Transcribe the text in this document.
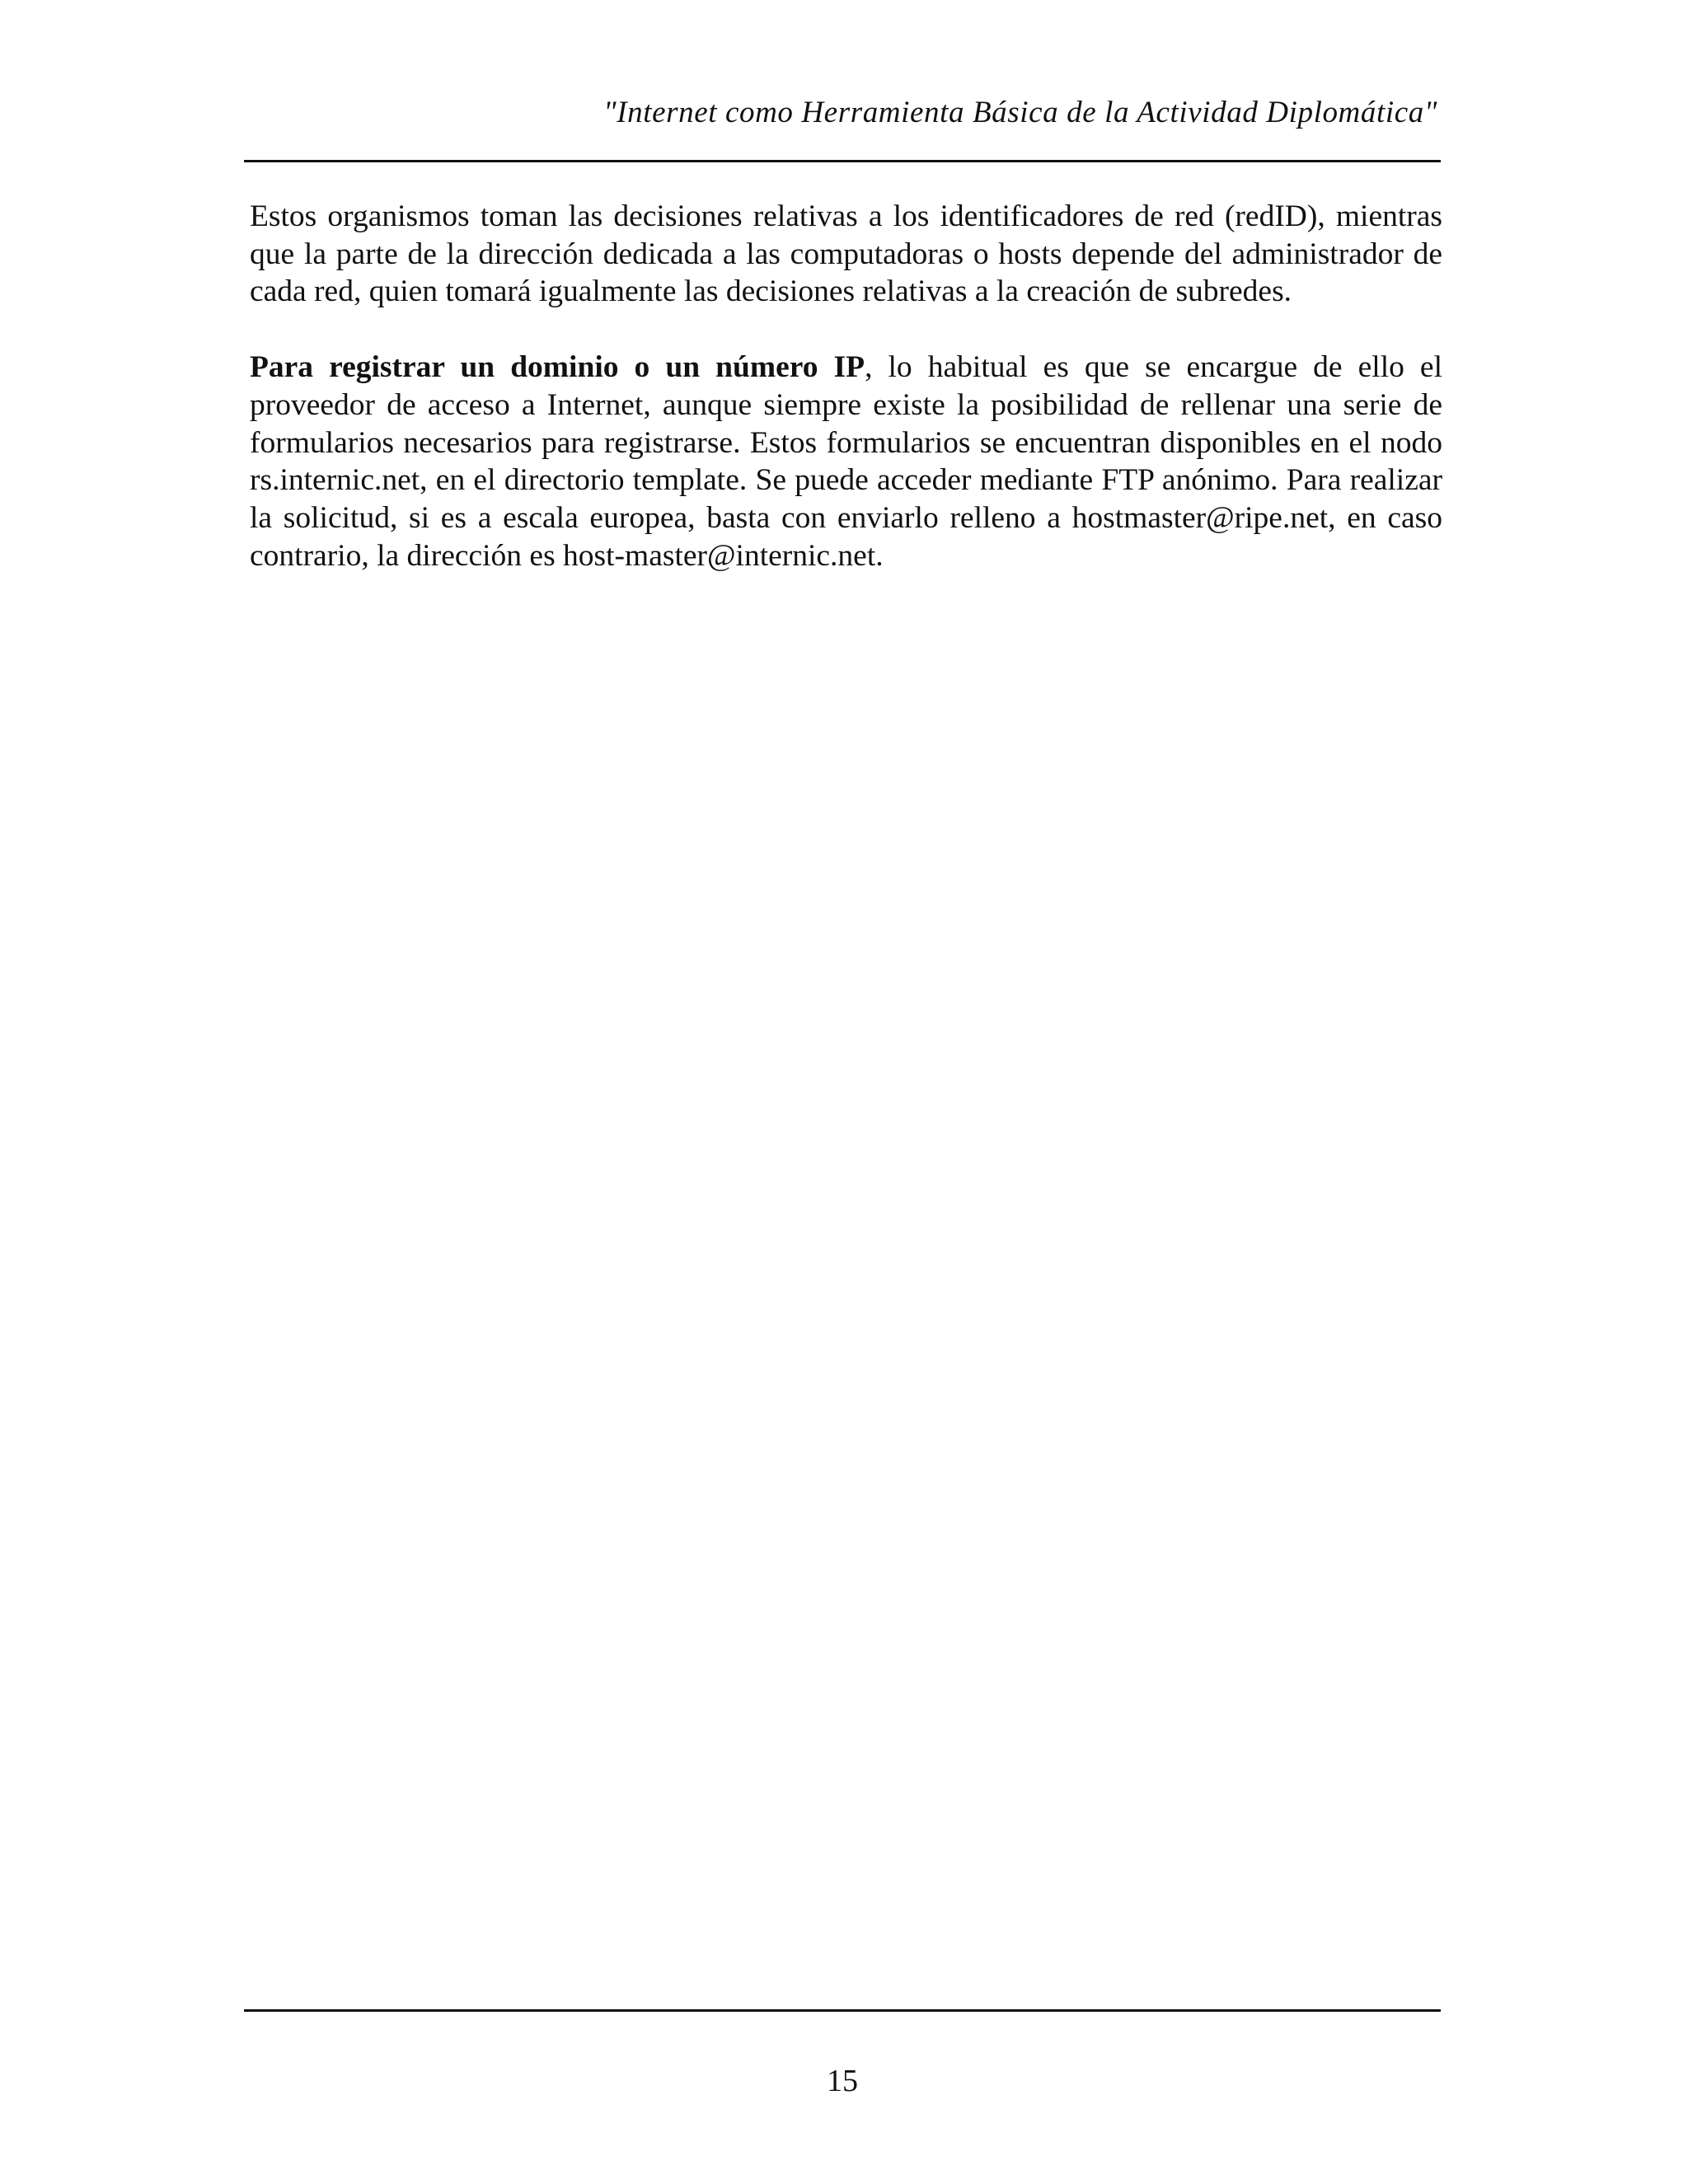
"Internet como Herramienta Básica de la Actividad Diplomática"

Estos organismos toman las decisiones relativas a los identificadores de red (redID), mientras que la parte de la dirección dedicada a las computadoras o hosts depende del administrador de cada red, quien tomará igualmente las decisiones relativas a la creación de subredes.

Para registrar un dominio o un número IP, lo habitual es que se encargue de ello el proveedor de acceso a Internet, aunque siempre existe la posibilidad de rellenar una serie de formularios necesarios para registrarse. Estos formularios se encuentran disponibles en el nodo rs.internic.net, en el directorio template. Se puede acceder mediante FTP anónimo. Para realizar la solicitud, si es a escala europea, basta con enviarlo relleno a hostmaster@ripe.net, en caso contrario, la dirección es host-master@internic.net.

15
